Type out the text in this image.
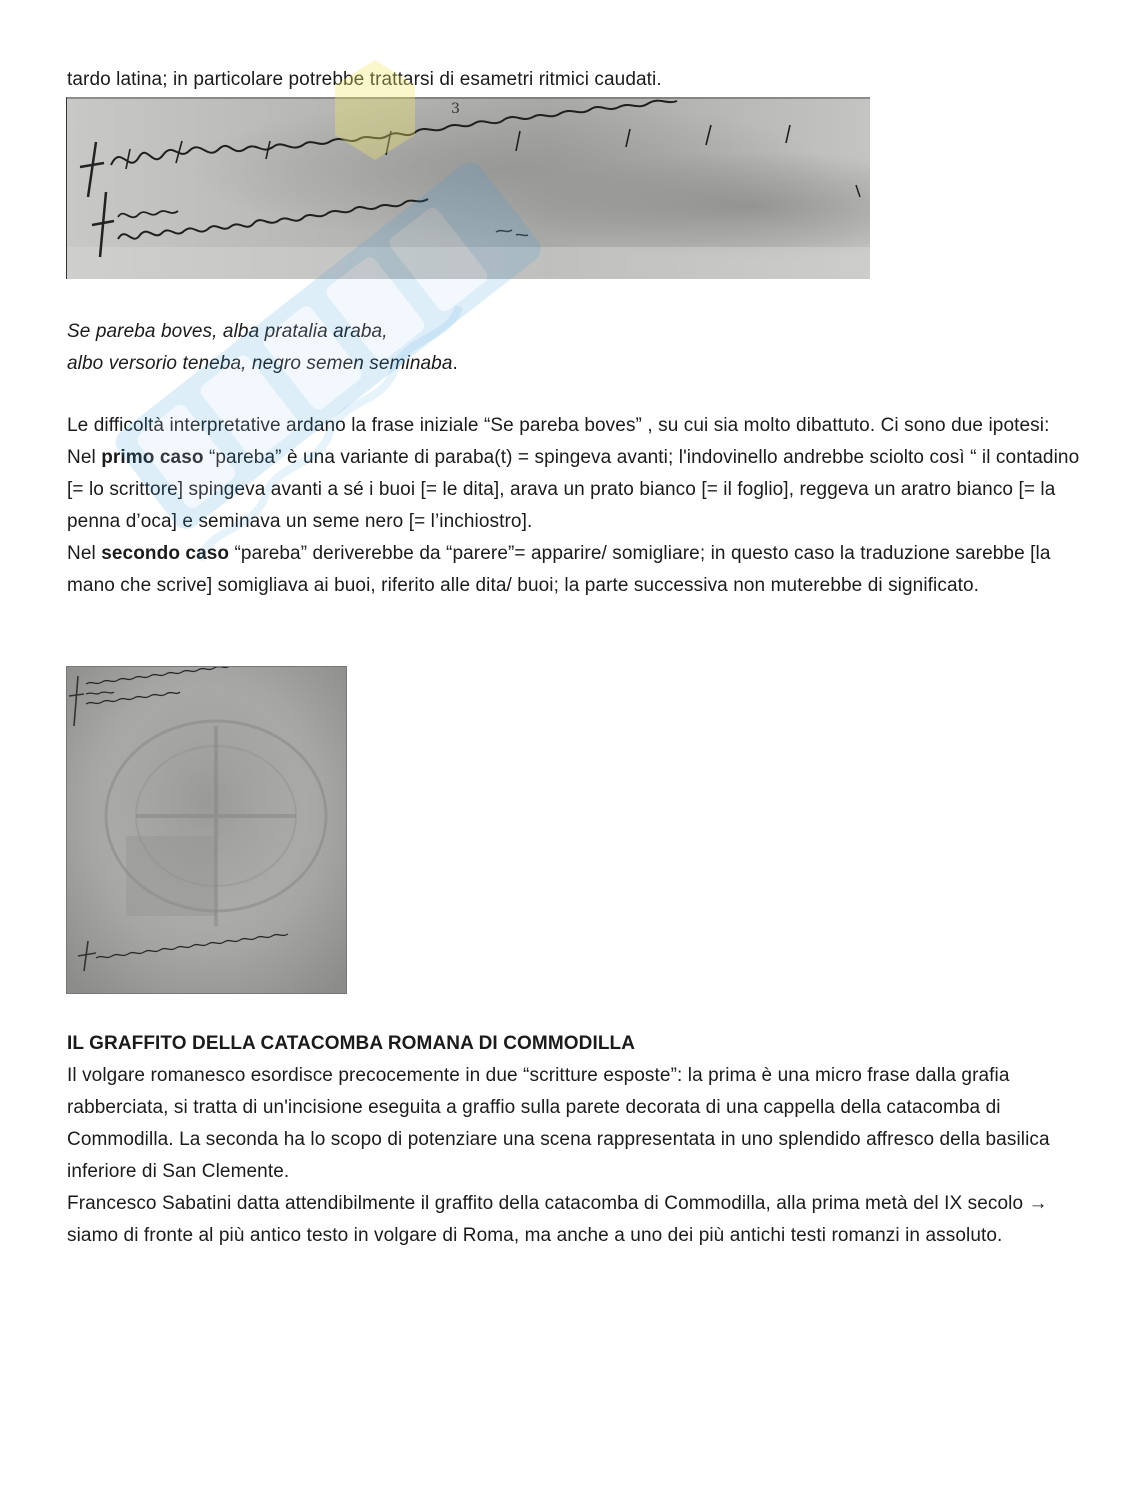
tardo latina; in particolare potrebbe trattarsi di esametri ritmici caudati.
3
Se pareba boves, alba pratalia araba,
albo versorio teneba, negro semen seminaba.
Le difficoltà interpretative ardano la frase iniziale “Se pareba boves” , su cui sia molto dibattuto. Ci sono due ipotesi:
Nel primo caso “pareba” è una variante di paraba(t) = spingeva avanti; l'indovinello andrebbe sciolto così “ il contadino [= lo scrittore] spingeva avanti a sé i buoi [= le dita], arava un prato bianco [= il foglio], reggeva un aratro bianco [= la penna d’oca] e seminava un seme nero [= l’inchiostro].
Nel secondo caso “pareba” deriverebbe da “parere”= apparire/ somigliare; in questo caso la traduzione sarebbe [la mano che scrive] somigliava ai buoi, riferito alle dita/ buoi; la parte successiva non muterebbe di significato.
IL GRAFFITO DELLA CATACOMBA ROMANA DI COMMODILLA
Il volgare romanesco esordisce precocemente in due “scritture esposte”: la prima è una micro frase dalla grafia rabberciata, si tratta di un'incisione eseguita a graffio sulla parete decorata di una cappella della catacomba di Commodilla. La seconda ha lo scopo di potenziare una scena rappresentata in uno splendido affresco della basilica inferiore di San Clemente.
Francesco Sabatini datta attendibilmente il graffito della catacomba di Commodilla, alla prima metà del IX secolo → siamo di fronte al più antico testo in volgare di Roma, ma anche a uno dei più antichi testi romanzi in assoluto.
